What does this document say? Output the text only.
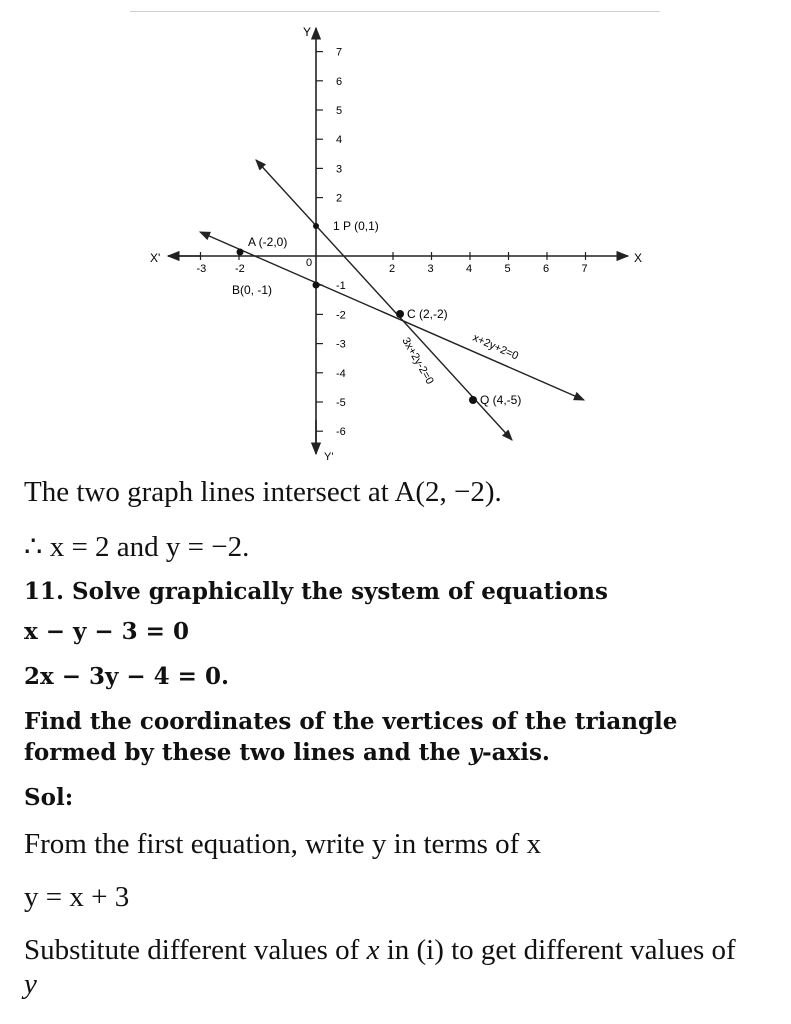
Y
Y'
X
X'
-3	-2	2	3	4	5	6	7
7
6
5
4
3
2
-1
-2
-3
-4
-5
-6
0
1 P (0,1)
A (-2,0)
B(0, -1)
C (2,-2)
Q (4,-5)
x+2y+2=0
3x+2y-2=0
The two graph lines intersect at A(2, −2).
∴ x = 2 and y = −2.
11. Solve graphically the system of equations
x − y − 3 = 0
2x − 3y − 4 = 0.
Find the coordinates of the vertices of the triangle formed by these two lines and the y-axis.
Sol:
From the first equation, write y in terms of x
y = x + 3
Substitute different values of x in (i) to get different values of y
